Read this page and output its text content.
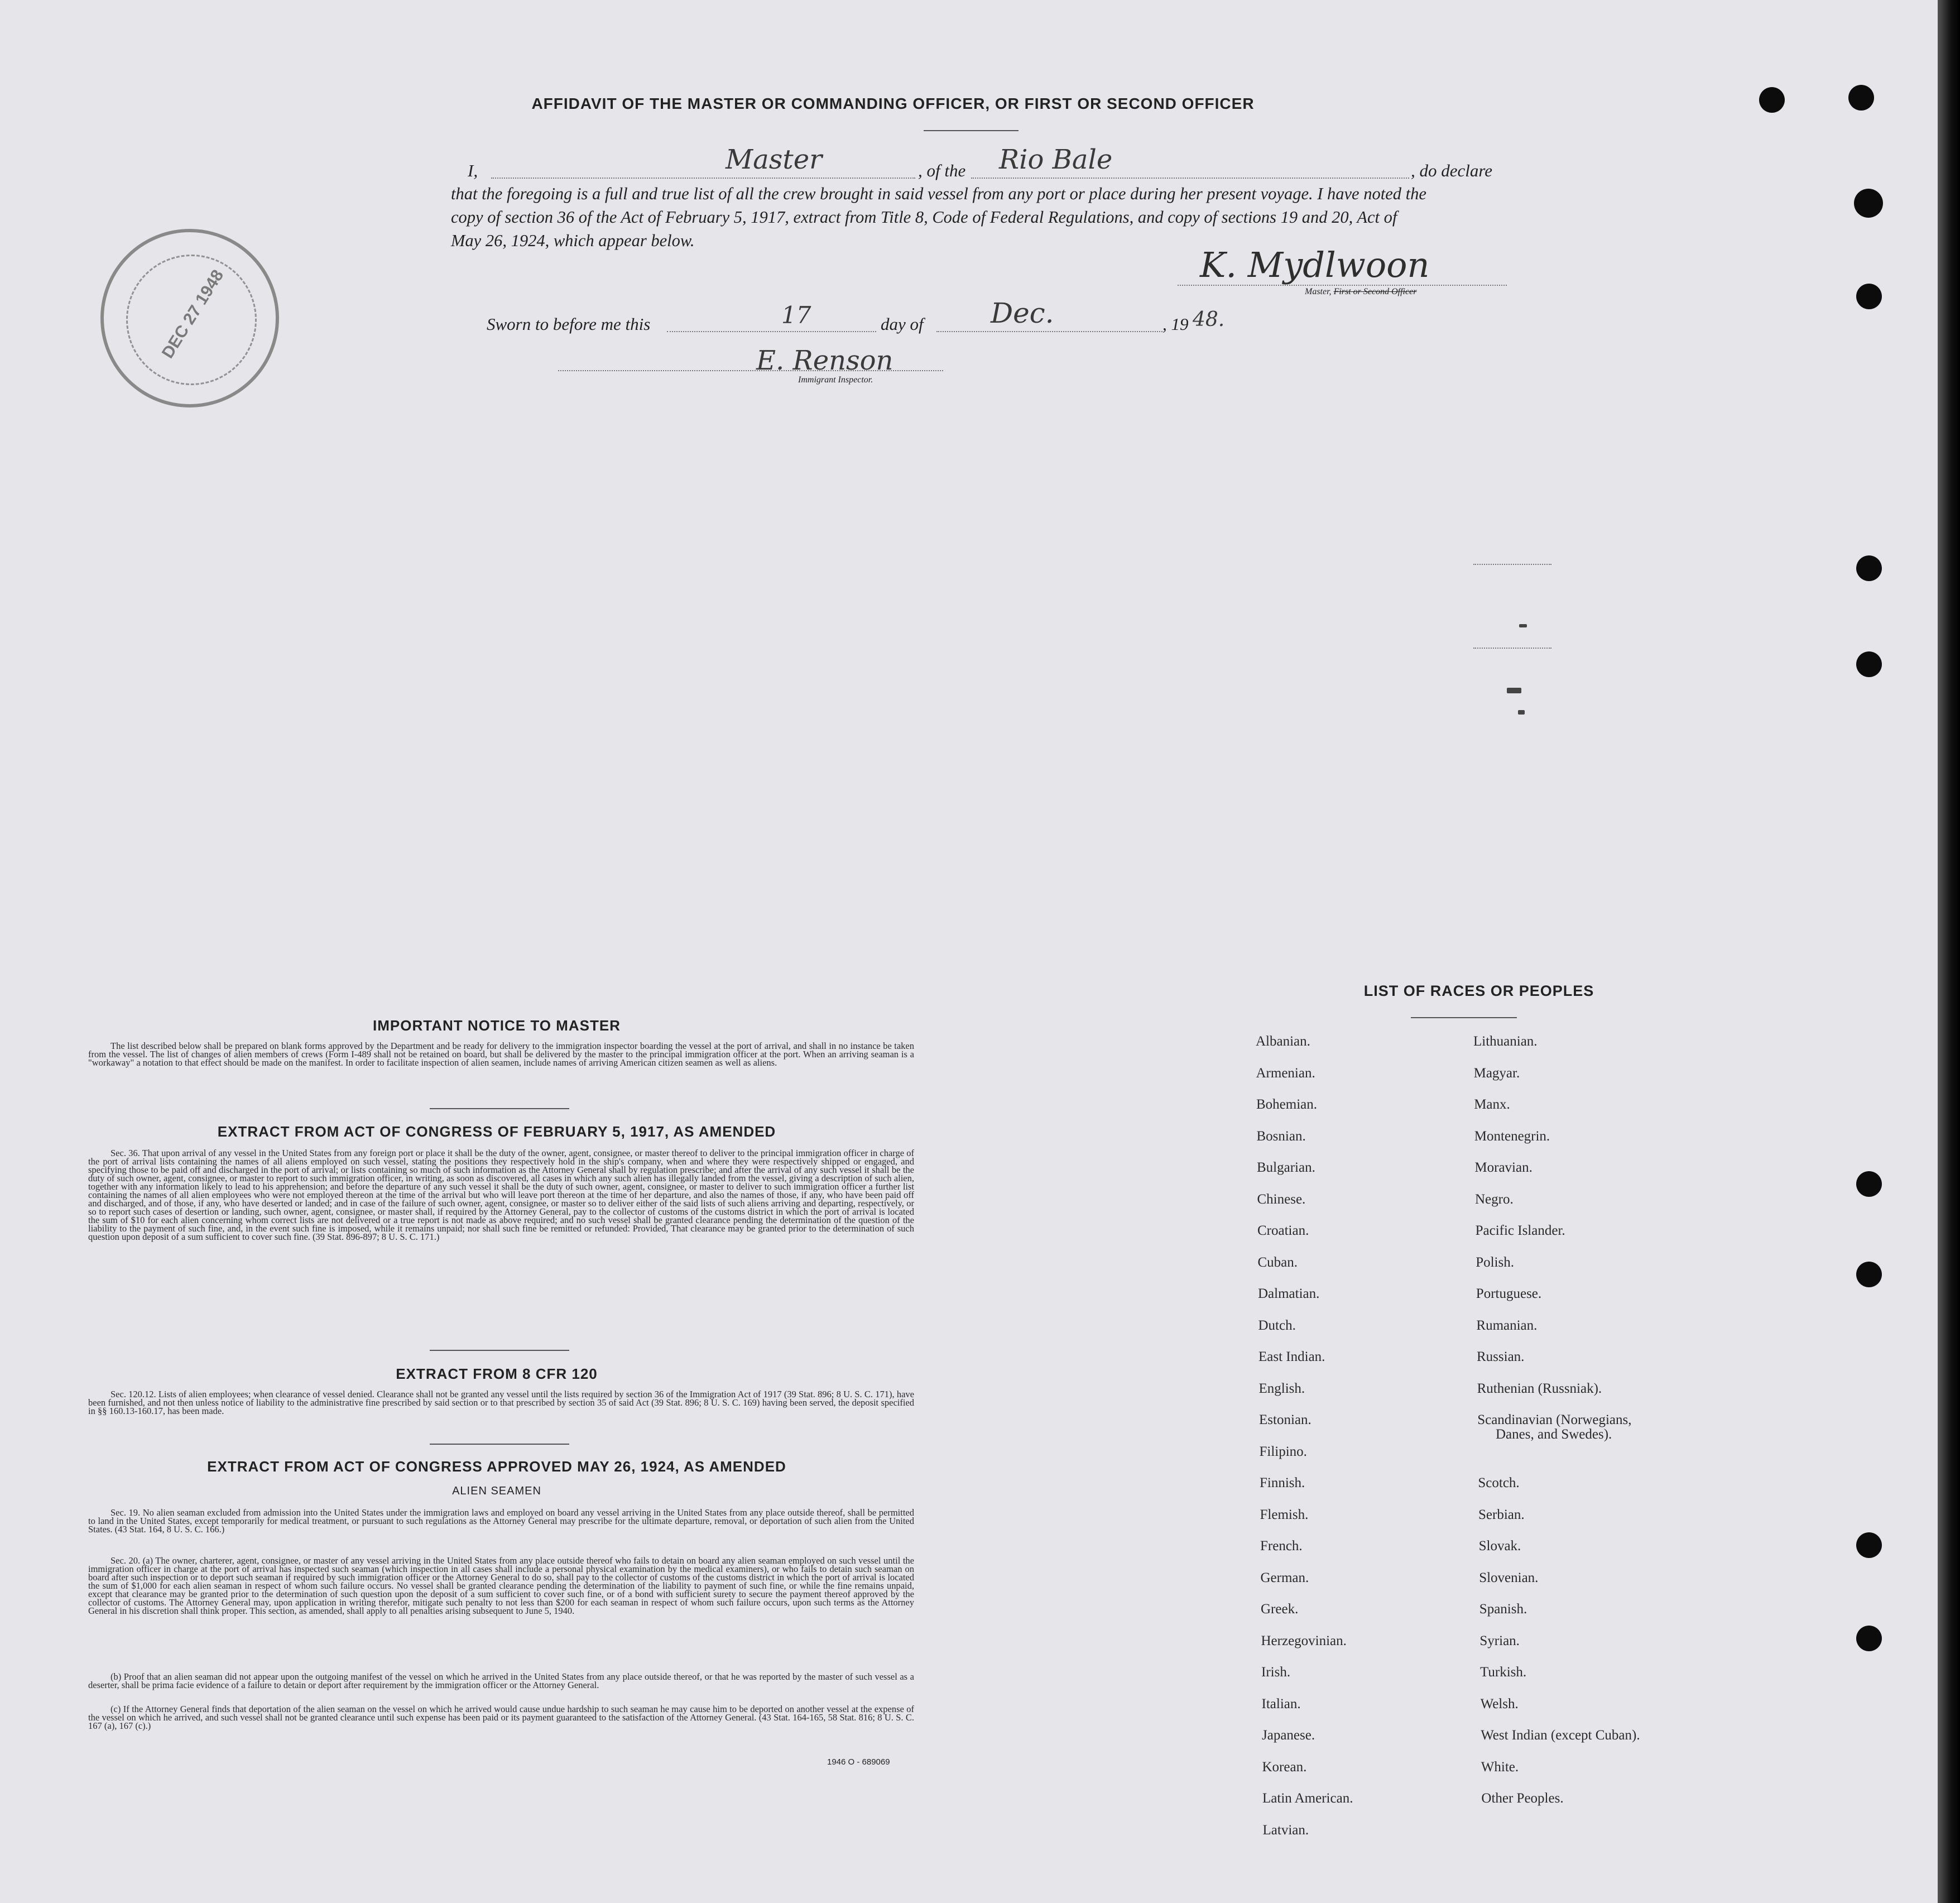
AFFIDAVIT OF THE MASTER OR COMMANDING OFFICER, OR FIRST OR SECOND OFFICER
I,	Master	, of the Rio Bale	, do declare
that the foregoing is a full and true list of all the crew brought in said vessel from any port or place during her present voyage. I have noted the
copy of section 36 of the Act of February 5, 1917, extract from Title 8, Code of Federal Regulations, and copy of sections 19 and 20, Act of
May 26, 1924, which appear below.
K. Mydlwoon
Master, First or Second Officer
Sworn to before me this	17	day of Dec.	, 19 48.
E. Renson
Immigrant Inspector.
DEC 27 1948
IMPORTANT NOTICE TO MASTER
The list described below shall be prepared on blank forms approved by the Department and be ready for delivery to the immigration inspector boarding the vessel at the port of arrival, and shall in no instance be taken from the vessel. The list of changes of alien members of crews (Form I-489 shall not be retained on board, but shall be delivered by the master to the principal immigration officer at the port. When an arriving seaman is a "workaway" a notation to that effect should be made on the manifest. In order to facilitate inspection of alien seamen, include names of arriving American citizen seamen as well as aliens.
EXTRACT FROM ACT OF CONGRESS OF FEBRUARY 5, 1917, AS AMENDED
Sec. 36. That upon arrival of any vessel in the United States from any foreign port or place it shall be the duty of the owner, agent, consignee, or master thereof to deliver to the principal immigration officer in charge of the port of arrival lists containing the names of all aliens employed on such vessel, stating the positions they respectively hold in the ship's company, when and where they were respectively shipped or engaged, and specifying those to be paid off and discharged in the port of arrival; or lists containing so much of such information as the Attorney General shall by regulation prescribe; and after the arrival of any such vessel it shall be the duty of such owner, agent, consignee, or master to report to such immigration officer, in writing, as soon as discovered, all cases in which any such alien has illegally landed from the vessel, giving a description of such alien, together with any information likely to lead to his apprehension; and before the departure of any such vessel it shall be the duty of such owner, agent, consignee, or master to deliver to such immigration officer a further list containing the names of all alien employees who were not employed thereon at the time of the arrival but who will leave port thereon at the time of her departure, and also the names of those, if any, who have been paid off and discharged, and of those, if any, who have deserted or landed; and in case of the failure of such owner, agent, consignee, or master so to deliver either of the said lists of such aliens arriving and departing, respectively, or so to report such cases of desertion or landing, such owner, agent, consignee, or master shall, if required by the Attorney General, pay to the collector of customs of the customs district in which the port of arrival is located the sum of $10 for each alien concerning whom correct lists are not delivered or a true report is not made as above required; and no such vessel shall be granted clearance pending the determination of the question of the liability to the payment of such fine, and, in the event such fine is imposed, while it remains unpaid; nor shall such fine be remitted or refunded: Provided, That clearance may be granted prior to the determination of such question upon deposit of a sum sufficient to cover such fine. (39 Stat. 896-897; 8 U. S. C. 171.)
EXTRACT FROM 8 CFR 120
Sec. 120.12. Lists of alien employees; when clearance of vessel denied. Clearance shall not be granted any vessel until the lists required by section 36 of the Immigration Act of 1917 (39 Stat. 896; 8 U. S. C. 171), have been furnished, and not then unless notice of liability to the administrative fine prescribed by said section or to that prescribed by section 35 of said Act (39 Stat. 896; 8 U. S. C. 169) having been served, the deposit specified in §§ 160.13-160.17, has been made.
EXTRACT FROM ACT OF CONGRESS APPROVED MAY 26, 1924, AS AMENDED
ALIEN SEAMEN
Sec. 19. No alien seaman excluded from admission into the United States under the immigration laws and employed on board any vessel arriving in the United States from any place outside thereof, shall be permitted to land in the United States, except temporarily for medical treatment, or pursuant to such regulations as the Attorney General may prescribe for the ultimate departure, removal, or deportation of such alien from the United States. (43 Stat. 164, 8 U. S. C. 166.)
Sec. 20. (a) The owner, charterer, agent, consignee, or master of any vessel arriving in the United States from any place outside thereof who fails to detain on board any alien seaman employed on such vessel until the immigration officer in charge at the port of arrival has inspected such seaman (which inspection in all cases shall include a personal physical examination by the medical examiners), or who fails to detain such seaman on board after such inspection or to deport such seaman if required by such immigration officer or the Attorney General to do so, shall pay to the collector of customs of the customs district in which the port of arrival is located the sum of $1,000 for each alien seaman in respect of whom such failure occurs. No vessel shall be granted clearance pending the determination of the liability to payment of such fine, or while the fine remains unpaid, except that clearance may be granted prior to the determination of such question upon the deposit of a sum sufficient to cover such fine, or of a bond with sufficient surety to secure the payment thereof approved by the collector of customs. The Attorney General may, upon application in writing therefor, mitigate such penalty to not less than $200 for each seaman in respect of whom such failure occurs, upon such terms as the Attorney General in his discretion shall think proper. This section, as amended, shall apply to all penalties arising subsequent to June 5, 1940.
(b) Proof that an alien seaman did not appear upon the outgoing manifest of the vessel on which he arrived in the United States from any place outside thereof, or that he was reported by the master of such vessel as a deserter, shall be prima facie evidence of a failure to detain or deport after requirement by the immigration officer or the Attorney General.
(c) If the Attorney General finds that deportation of the alien seaman on the vessel on which he arrived would cause undue hardship to such seaman he may cause him to be deported on another vessel at the expense of the vessel on which he arrived, and such vessel shall not be granted clearance until such expense has been paid or its payment guaranteed to the satisfaction of the Attorney General. (43 Stat. 164-165, 58 Stat. 816; 8 U. S. C. 167 (a), 167 (c).)
1946 O - 689069
LIST OF RACES OR PEOPLES
Albanian.
Armenian.
Bohemian.
Bosnian.
Bulgarian.
Chinese.
Croatian.
Cuban.
Dalmatian.
Dutch.
East Indian.
English.
Estonian.
Filipino.
Finnish.
Flemish.
French.
German.
Greek.
Herzegovinian.
Irish.
Italian.
Japanese.
Korean.
Latin American.
Latvian.
Lithuanian.
Magyar.
Manx.
Montenegrin.
Moravian.
Negro.
Pacific Islander.
Polish.
Portuguese.
Rumanian.
Russian.
Ruthenian (Russniak).
Scandinavian (Norwegians,
Danes, and Swedes).
Scotch.
Serbian.
Slovak.
Slovenian.
Spanish.
Syrian.
Turkish.
Welsh.
West Indian (except Cuban).
White.
Other Peoples.
